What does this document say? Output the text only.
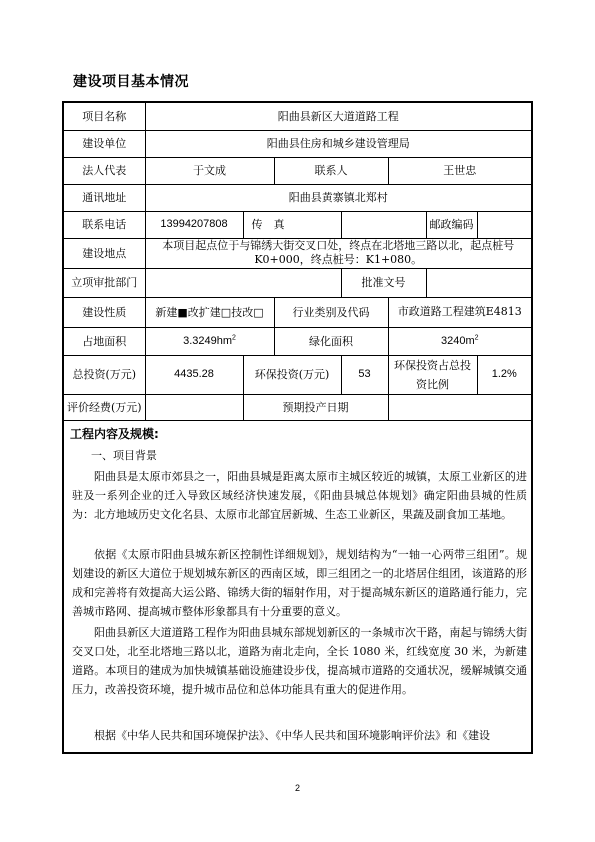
建设项目基本情况
项目名称	阳曲县新区大道道路工程						
建设单位	阳曲县住房和城乡建设管理局						
法人代表	于文成		联系人		王世忠		
通讯地址	阳曲县黄寨镇北郑村						
联系电话	13994207808	传　真				邮政编码	
建设地点	本项目起点位于与锦绣大街交叉口处，终点在北塔地三路以北，起点桩号K0+000，终点桩号：K1+080。						
立项审批部门				批准文号			
建设性质	新建■改扩建□技改□		行业类别及代码		市政道路工程建筑E4813		
占地面积	$3.3249hm^2$		绿化面积		$3240m^2$
总投资(万元)	4435.28	环保投资(万元)		53	环保投资占总投资比例		1.2%
评价经费(万元)		预期投产日期					
工程内容及规模:
一、项目背景

阳曲县是太原市郊县之一，阳曲县城是距离太原市主城区较近的城镇，太原工业新区的进驻及一系列企业的迁入导致区域经济快速发展，《阳曲县城总体规划》确定阳曲县城的性质为：北方地域历史文化名县、太原市北部宜居新城、生态工业新区，果蔬及副食加工基地。

依据《太原市阳曲县城东新区控制性详细规划》，规划结构为“一轴一心两带三组团”。规划建设的新区大道位于规划城东新区的西南区域，即三组团之一的北塔居住组团，该道路的形成和完善将有效提高大运公路、锦绣大街的辐射作用，对于提高城东新区的道路通行能力，完善城市路网、提高城市整体形象都具有十分重要的意义。

阳曲县新区大道道路工程作为阳曲县城东部规划新区的一条城市次干路，南起与锦绣大街交叉口处，北至北塔地三路以北，道路为南北走向，全长 1080 米，红线宽度 30 米，为新建道路。本项目的建成为加快城镇基础设施建设步伐，提高城市道路的交通状况，缓解城镇交通压力，改善投资环境，提升城市品位和总体功能具有重大的促进作用。

根据《中华人民共和国环境保护法》、《中华人民共和国环境影响评价法》和《建设

2
